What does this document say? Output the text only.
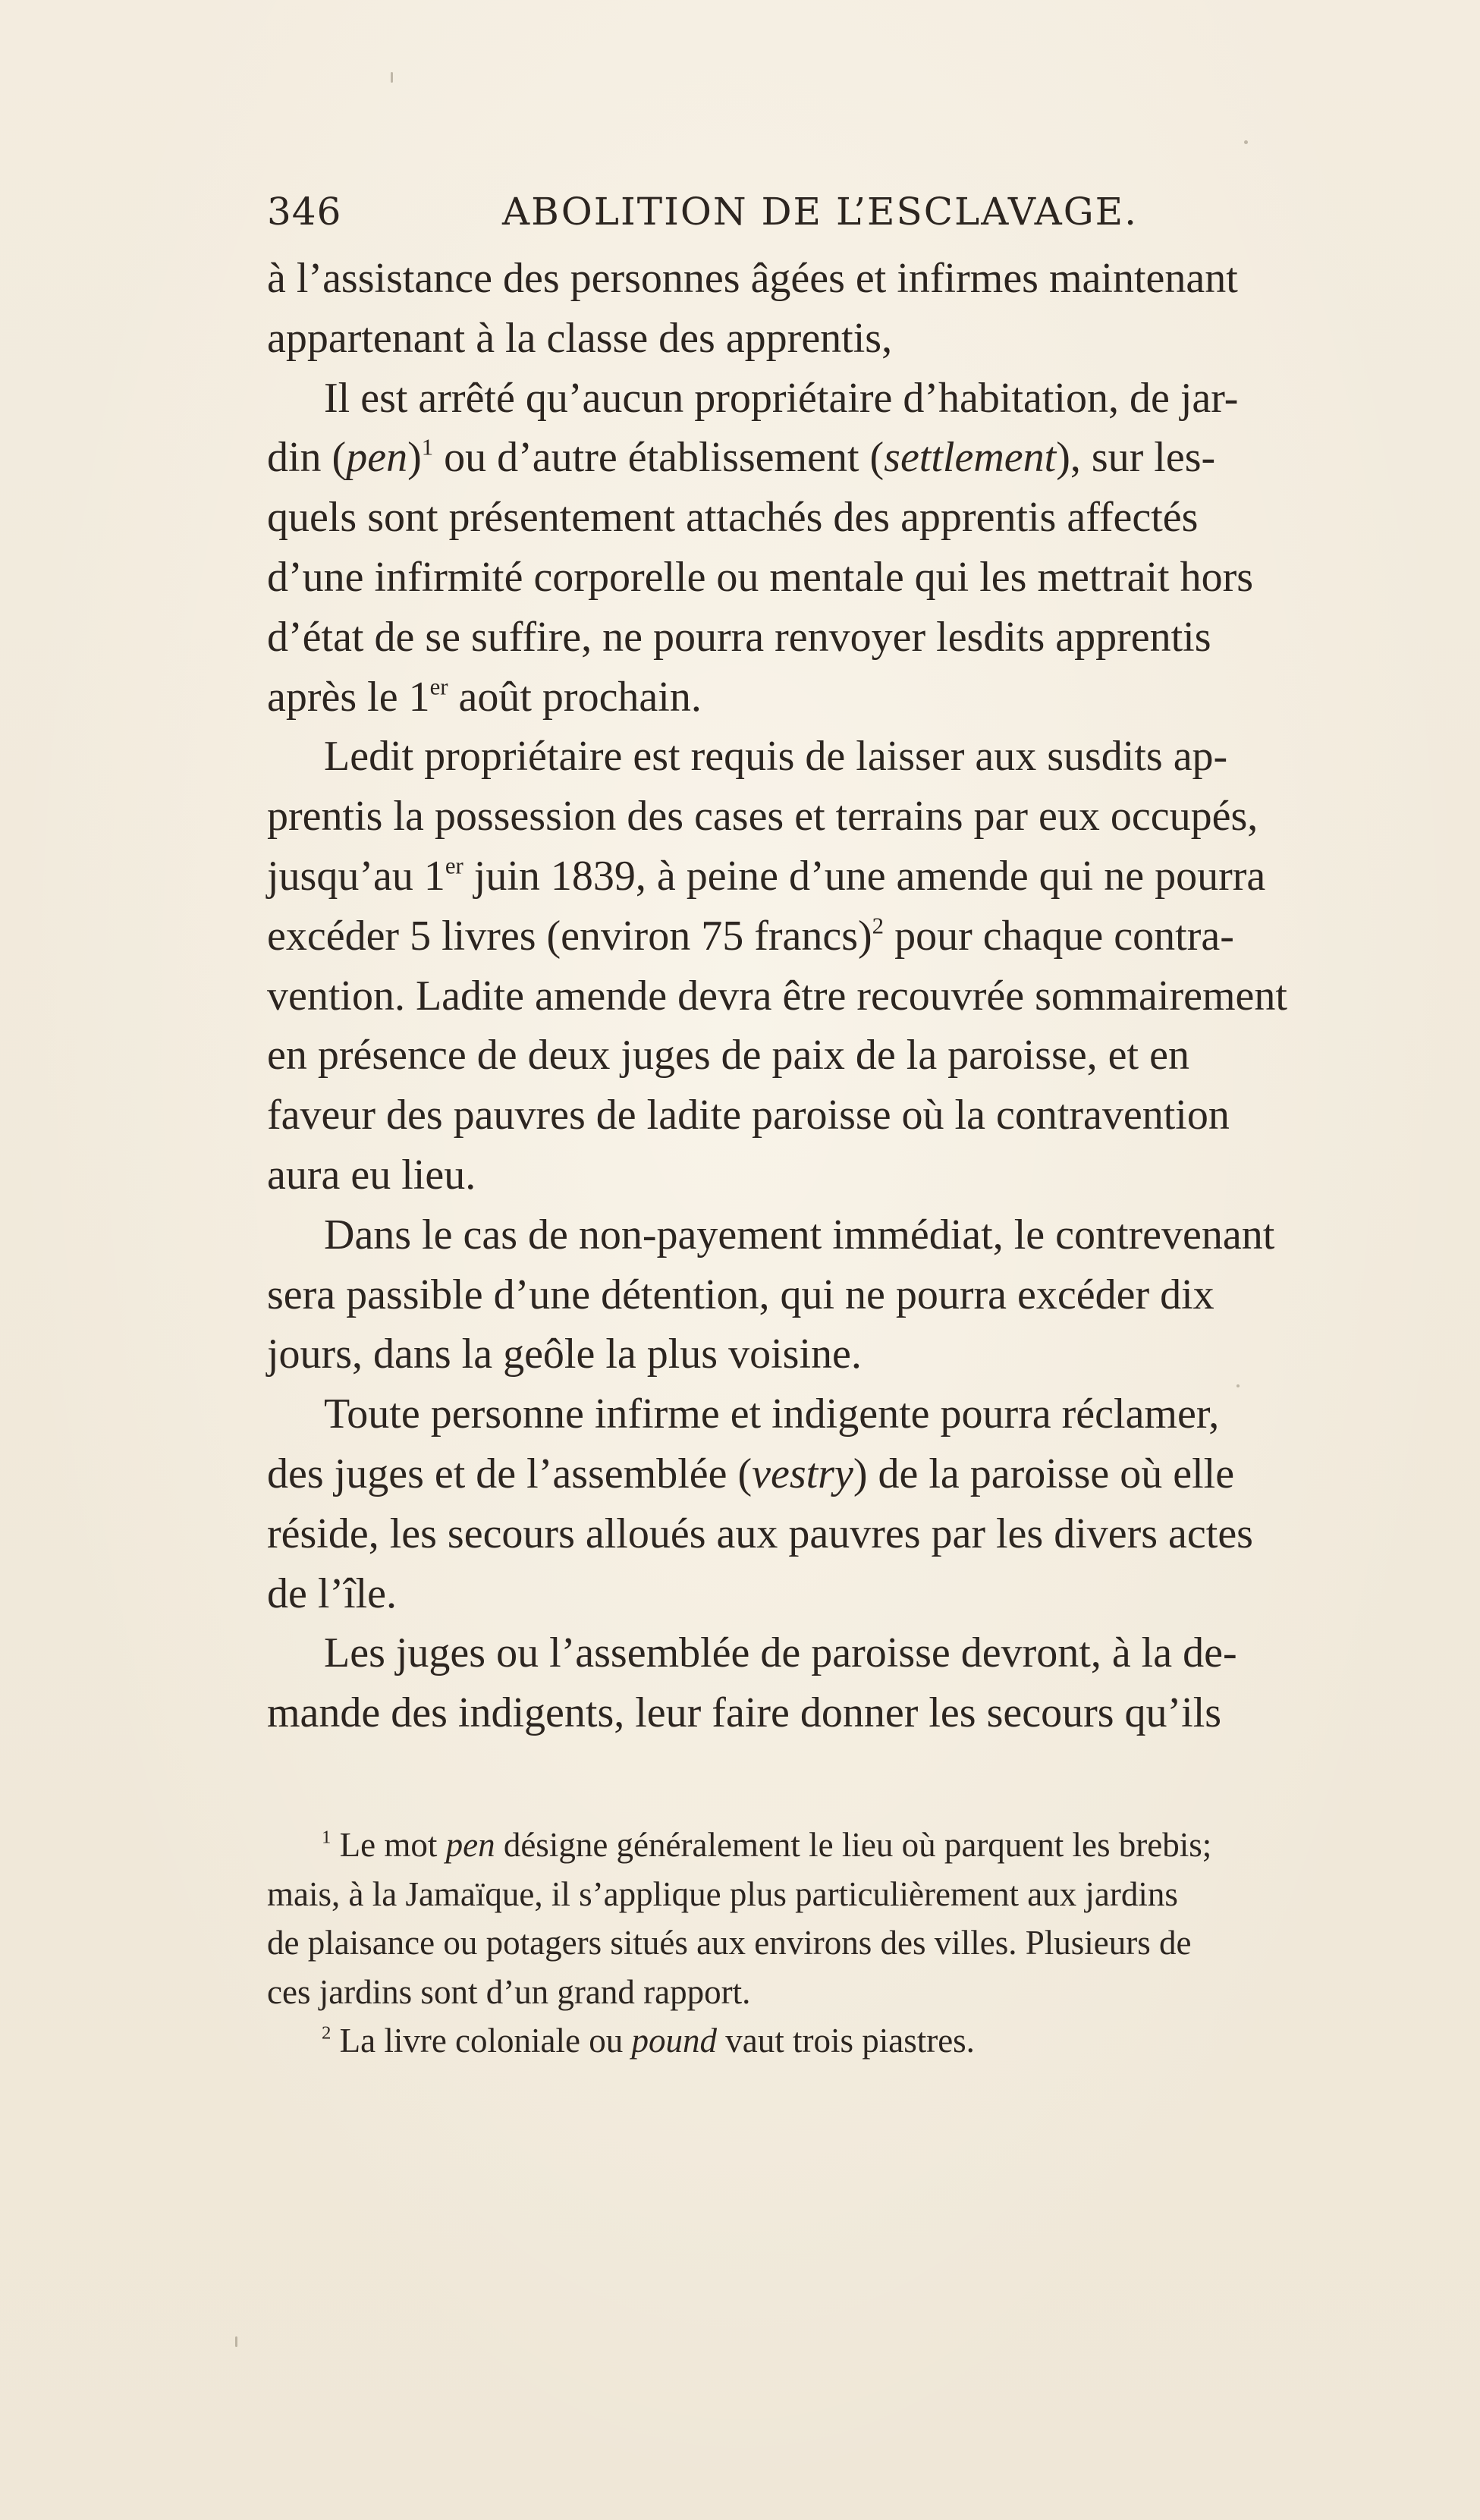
346	ABOLITION DE L’ESCLAVAGE.
à l’assistance des personnes âgées et infirmes maintenant
appartenant à la classe des apprentis,
Il est arrêté qu’aucun propriétaire d’habitation, de jar-
din (pen)$^1$ ou d’autre établissement (settlement), sur les-
quels sont présentement attachés des apprentis affectés
d’une infirmité corporelle ou mentale qui les mettrait hors
d’état de se suffire, ne pourra renvoyer lesdits apprentis
après le 1er août prochain.
Ledit propriétaire est requis de laisser aux susdits ap-
prentis la possession des cases et terrains par eux occupés,
jusqu’au 1er juin 1839, à peine d’une amende qui ne pourra
excéder 5 livres (environ 75 francs)$^2$ pour chaque contra-
vention. Ladite amende devra être recouvrée sommairement
en présence de deux juges de paix de la paroisse, et en
faveur des pauvres de ladite paroisse où la contravention
aura eu lieu.
Dans le cas de non-payement immédiat, le contrevenant
sera passible d’une détention, qui ne pourra excéder dix
jours, dans la geôle la plus voisine.
Toute personne infirme et indigente pourra réclamer,
des juges et de l’assemblée (vestry) de la paroisse où elle
réside, les secours alloués aux pauvres par les divers actes
de l’île.
Les juges ou l’assemblée de paroisse devront, à la de-
mande des indigents, leur faire donner les secours qu’ils
$^1$ Le mot pen désigne généralement le lieu où parquent les brebis;
mais, à la Jamaïque, il s’applique plus particulièrement aux jardins
de plaisance ou potagers situés aux environs des villes. Plusieurs de
ces jardins sont d’un grand rapport.
$^2$ La livre coloniale ou pound vaut trois piastres.
